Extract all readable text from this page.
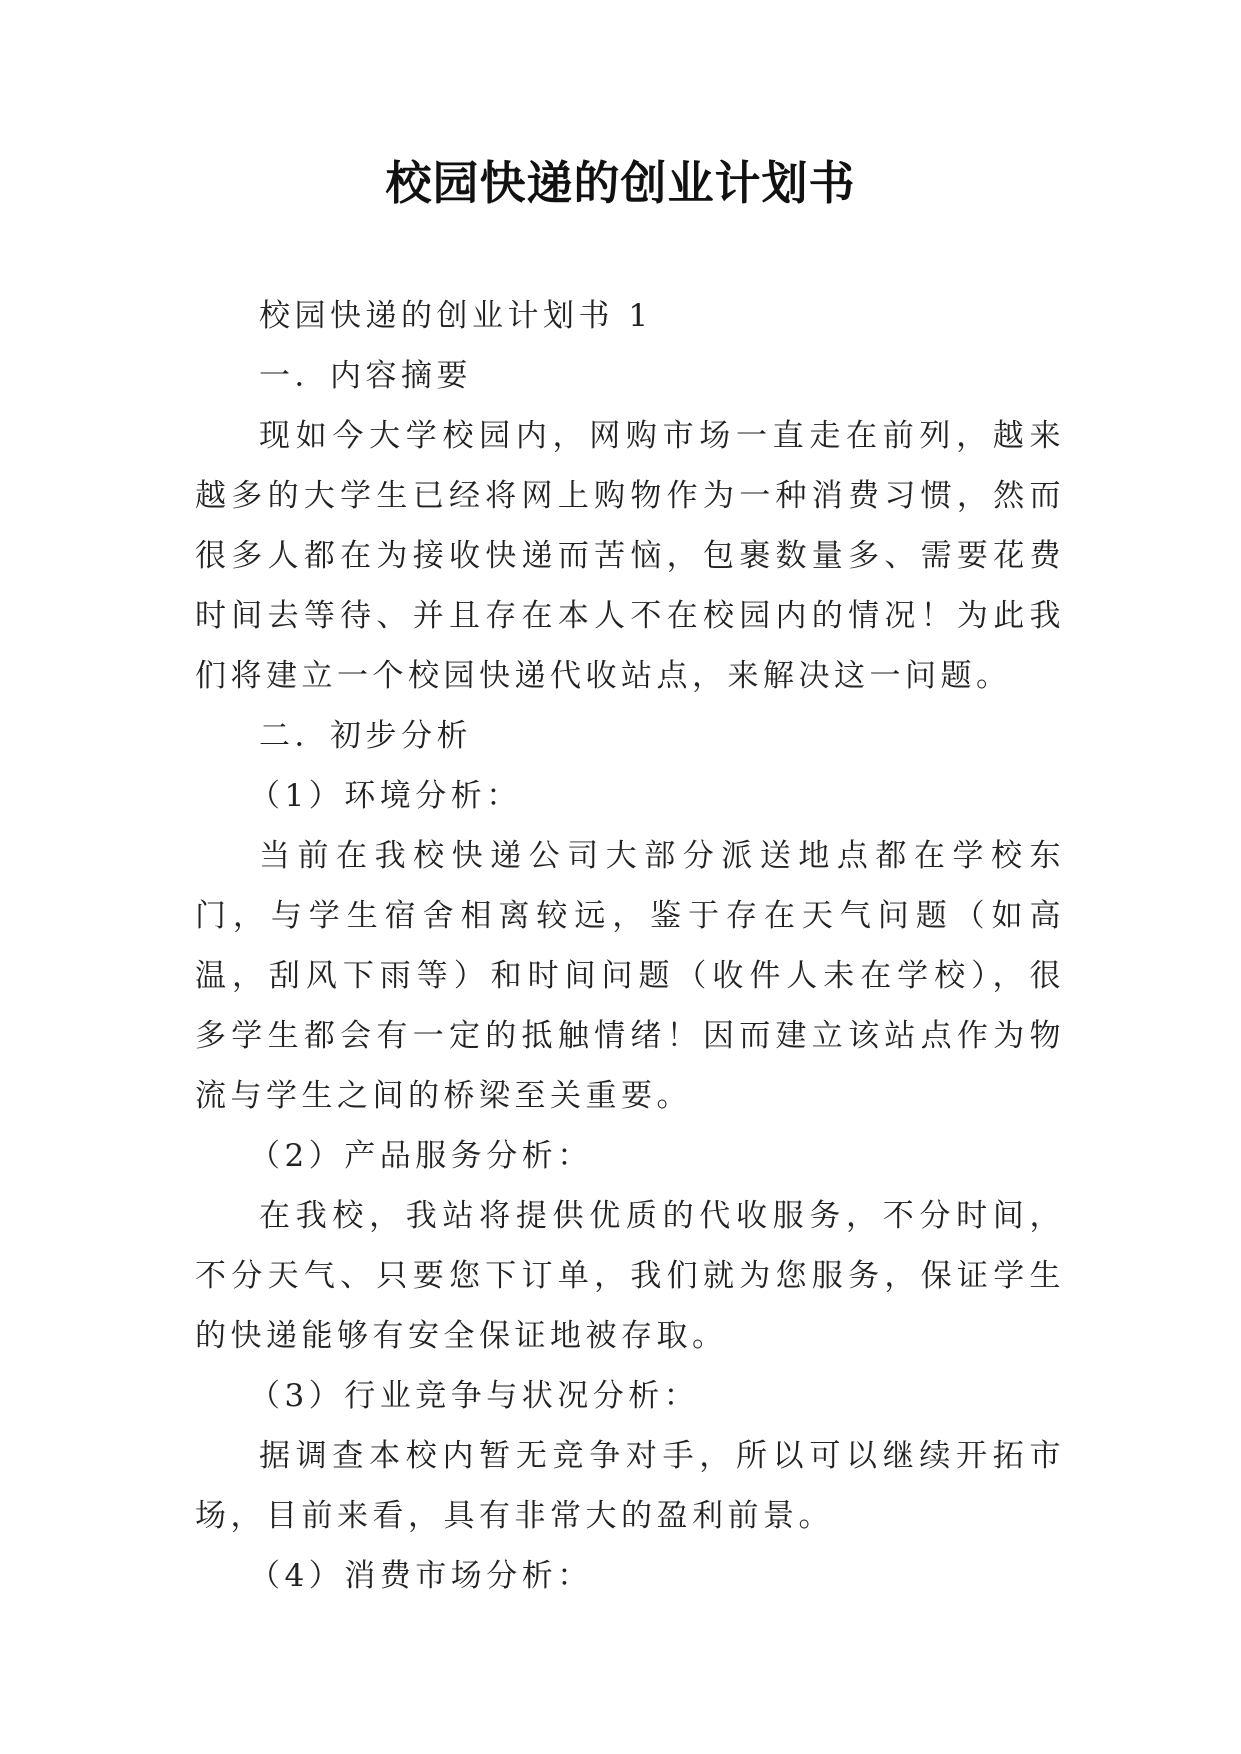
校园快递的创业计划书

校园快递的创业计划书 1

一．内容摘要

现如今大学校园内，网购市场一直走在前列，越来越多的大学生已经将网上购物作为一种消费习惯，然而很多人都在为接收快递而苦恼，包裹数量多、需要花费时间去等待、并且存在本人不在校园内的情况！为此我们将建立一个校园快递代收站点，来解决这一问题。

二．初步分析

（1）环境分析：

当前在我校快递公司大部分派送地点都在学校东门，与学生宿舍相离较远，鉴于存在天气问题（如高温，刮风下雨等）和时间问题（收件人未在学校），很多学生都会有一定的抵触情绪！因而建立该站点作为物流与学生之间的桥梁至关重要。

（2）产品服务分析：

在我校，我站将提供优质的代收服务，不分时间，不分天气、只要您下订单，我们就为您服务，保证学生的快递能够有安全保证地被存取。

（3）行业竞争与状况分析：

据调查本校内暂无竞争对手，所以可以继续开拓市场，目前来看，具有非常大的盈利前景。

（4）消费市场分析：
